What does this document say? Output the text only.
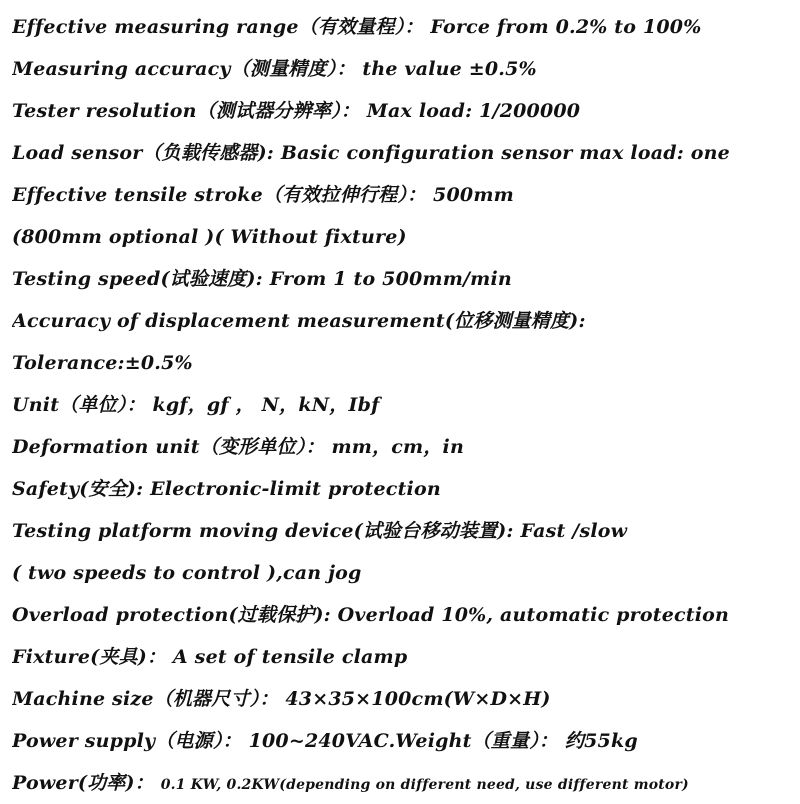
Effective measuring range（有效量程）： Force from 0.2% to 100%
Measuring accuracy（测量精度）： the value ±0.5%
Tester resolution（测试器分辨率）： Max load: 1/200000
Load sensor（负载传感器): Basic configuration sensor max load: one
Effective tensile stroke（有效拉伸行程）： 500mm
(800mm optional )( Without fixture)
Testing speed(试验速度): From 1 to 500mm/min
Accuracy of displacement measurement(位移测量精度):
Tolerance:±0.5%
Unit（单位）： kgf，gf ， N，kN，Ibf
Deformation unit（变形单位）： mm，cm，in
Safety(安全): Electronic-limit protection
Testing platform moving device(试验台移动装置): Fast /slow
( two speeds to control ),can jog
Overload protection(过载保护): Overload 10%, automatic protection
Fixture(夹具)： A set of tensile clamp
Machine size（机器尺寸）： 43×35×100cm(W×D×H)
Power supply（电源）： 100~240VAC.Weight（重量）： 约55kg
Power(功率)： 0.1 KW, 0.2KW(depending on different need, use different motor)
